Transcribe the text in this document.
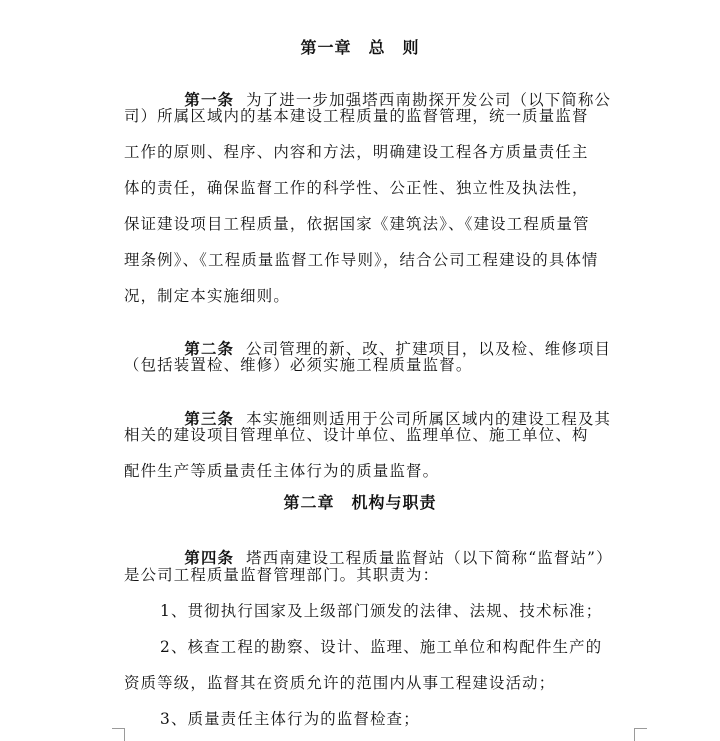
第一章　总　则

第一条 为了进一步加强塔西南勘探开发公司（以下简称公

司）所属区域内的基本建设工程质量的监督管理，统一质量监督
工作的原则、程序、内容和方法，明确建设工程各方质量责任主
体的责任，确保监督工作的科学性、公正性、独立性及执法性，
保证建设项目工程质量，依据国家《建筑法》、《建设工程质量管
理条例》、《工程质量监督工作导则》，结合公司工程建设的具体情
况，制定本实施细则。

第二条 公司管理的新、改、扩建项目，以及检、维修项目

（包括装置检、维修）必须实施工程质量监督。

第三条 本实施细则适用于公司所属区域内的建设工程及其

相关的建设项目管理单位、设计单位、监理单位、施工单位、构
配件生产等质量责任主体行为的质量监督。
第二章　机构与职责

第四条 塔西南建设工程质量监督站（以下简称“监督站”）

是公司工程质量监督管理部门。其职责为：
1、贯彻执行国家及上级部门颁发的法律、法规、技术标准；
2、核查工程的勘察、设计、监理、施工单位和构配件生产的
资质等级，监督其在资质允许的范围内从事工程建设活动；
3、质量责任主体行为的监督检查；
